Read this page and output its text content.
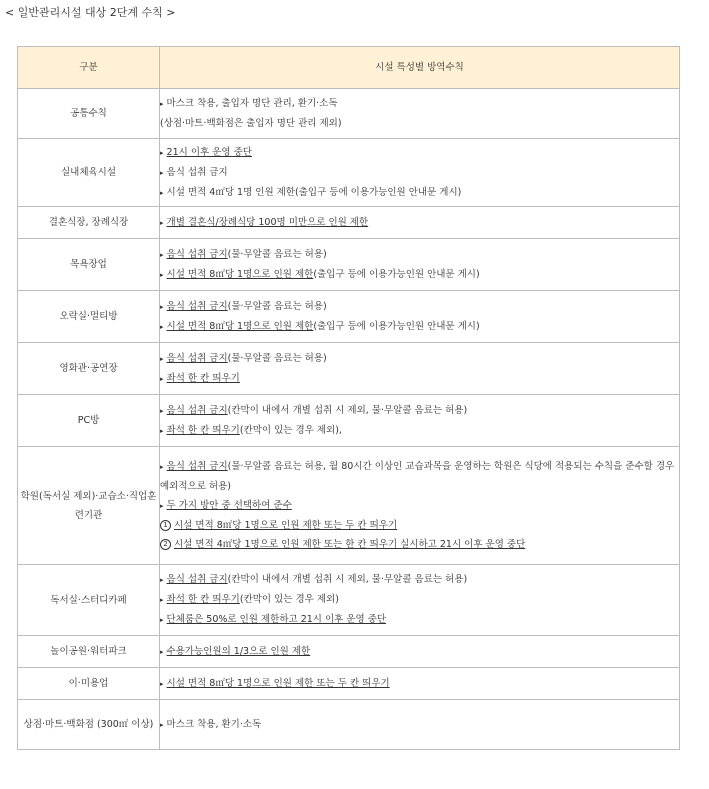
< 일반관리시설 대상 2단계 수칙 >
구분	시설 특성별 방역수칙
공통수칙	▸ 마스크 착용, 출입자 명단 관리, 환기·소독
(상점·마트·백화점은 출입자 명단 관리 제외)

실내체육시설	▸ 21시 이후 운영 중단
▸ 음식 섭취 금지
▸ 시설 면적 4㎡당 1명 인원 제한(출입구 등에 이용가능인원 안내문 게시)

결혼식장, 장례식장	▸ 개별 결혼식/장례식당 100명 미만으로 인원 제한

목욕장업	▸ 음식 섭취 금지(물·무알콜 음료는 허용)
▸ 시설 면적 8㎡당 1명으로 인원 제한(출입구 등에 이용가능인원 안내문 게시)

오락실·멀티방	▸ 음식 섭취 금지(물·무알콜 음료는 허용)
▸ 시설 면적 8㎡당 1명으로 인원 제한(출입구 등에 이용가능인원 안내문 게시)

영화관·공연장	▸ 음식 섭취 금지(물·무알콜 음료는 허용)
▸ 좌석 한 칸 띄우기

PC방	▸ 음식 섭취 금지(칸막이 내에서 개별 섭취 시 제외, 물·무알콜 음료는 허용)
▸ 좌석 한 칸 띄우기(칸막이 있는 경우 제외),

학원(독서실 제외)·교습소·직업훈련기관	▸ 음식 섭취 금지(물·무알콜 음료는 허용, 월 80시간 이상인 교습과목을 운영하는 학원은 식당에 적용되는 수칙을 준수할 경우 예외적으로 허용)
▸ 두 가지 방안 중 선택하여 준수
1 시설 면적 8㎡당 1명으로 인원 제한 또는 두 칸 띄우기
2 시설 면적 4㎡당 1명으로 인원 제한 또는 한 칸 띄우기 실시하고 21시 이후 운영 중단

독서실·스터디카페	▸ 음식 섭취 금지(칸막이 내에서 개별 섭취 시 제외, 물·무알콜 음료는 허용)
▸ 좌석 한 칸 띄우기(칸막이 있는 경우 제외)
▸ 단체룸은 50%로 인원 제한하고 21시 이후 운영 중단

놀이공원·워터파크	▸ 수용가능인원의 1/3으로 인원 제한

이·미용업	▸ 시설 면적 8㎡당 1명으로 인원 제한 또는 두 칸 띄우기

상점·마트·백화점 (300㎡ 이상)	▸ 마스크 착용, 환기·소독
